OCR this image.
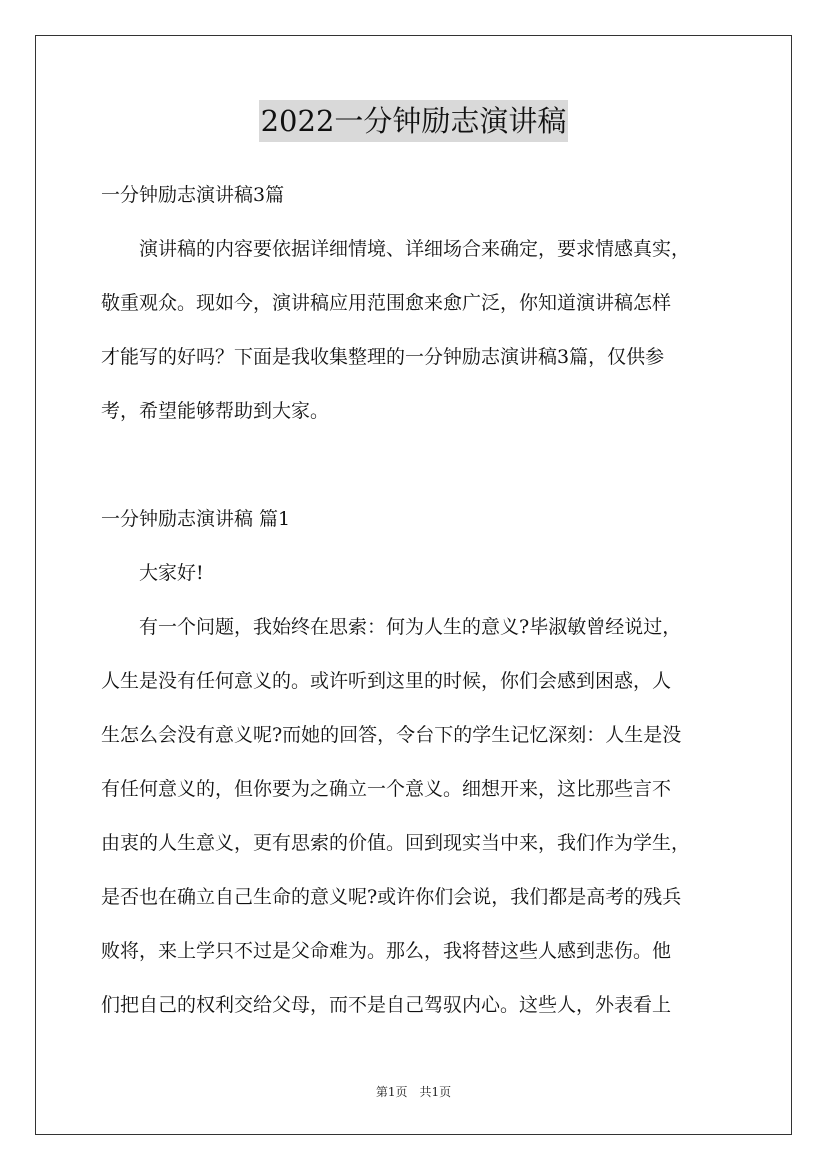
2022一分钟励志演讲稿
一分钟励志演讲稿3篇
　　演讲稿的内容要依据详细情境、详细场合来确定，要求情感真实，
敬重观众。现如今，演讲稿应用范围愈来愈广泛，你知道演讲稿怎样
才能写的好吗？下面是我收集整理的一分钟励志演讲稿3篇，仅供参
考，希望能够帮助到大家。
一分钟励志演讲稿 篇1
　　大家好!
　　有一个问题，我始终在思索：何为人生的意义?毕淑敏曾经说过，
人生是没有任何意义的。或许听到这里的时候，你们会感到困惑，人
生怎么会没有意义呢?而她的回答，令台下的学生记忆深刻：人生是没
有任何意义的，但你要为之确立一个意义。细想开来，这比那些言不
由衷的人生意义，更有思索的价值。回到现实当中来，我们作为学生，
是否也在确立自己生命的意义呢?或许你们会说，我们都是高考的残兵
败将，来上学只不过是父命难为。那么，我将替这些人感到悲伤。他
们把自己的权利交给父母，而不是自己驾驭内心。这些人，外表看上
第1页　共1页
